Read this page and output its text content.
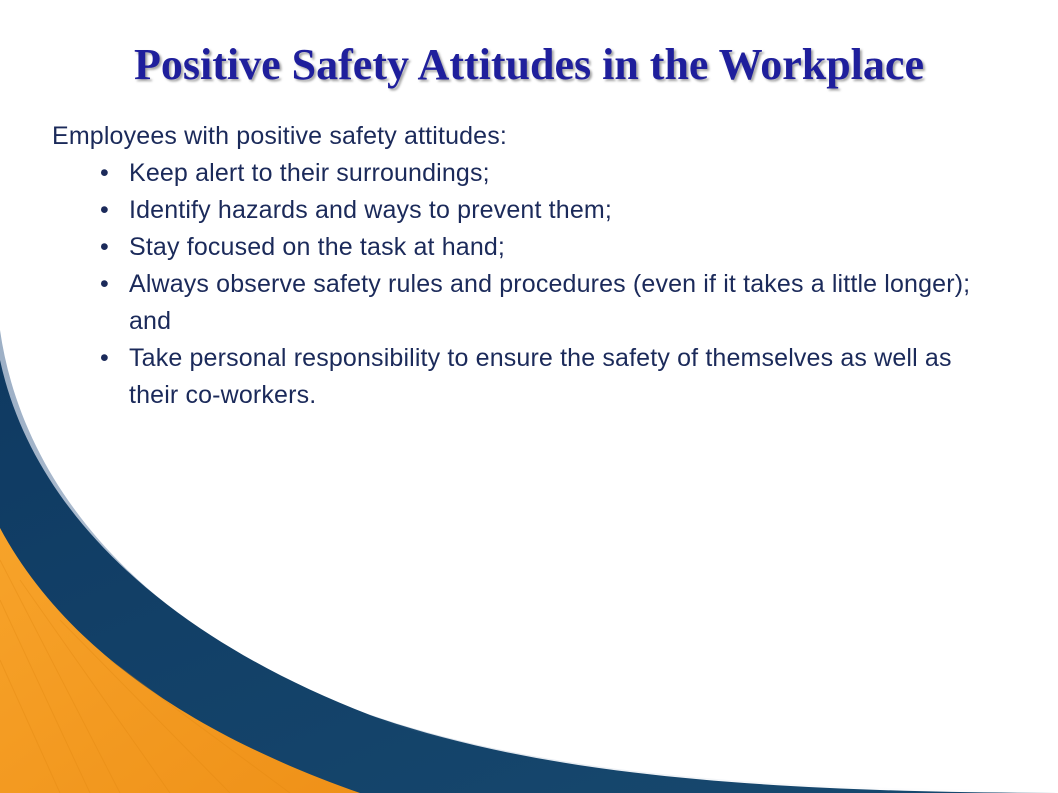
Positive Safety Attitudes in the Workplace

Employees with positive safety attitudes:

• Keep alert to their surroundings;
• Identify hazards and ways to prevent them;
• Stay focused on the task at hand;
• Always observe safety rules and procedures (even if it takes a little longer); and
• Take personal responsibility to ensure the safety of themselves as well as their co-workers.
